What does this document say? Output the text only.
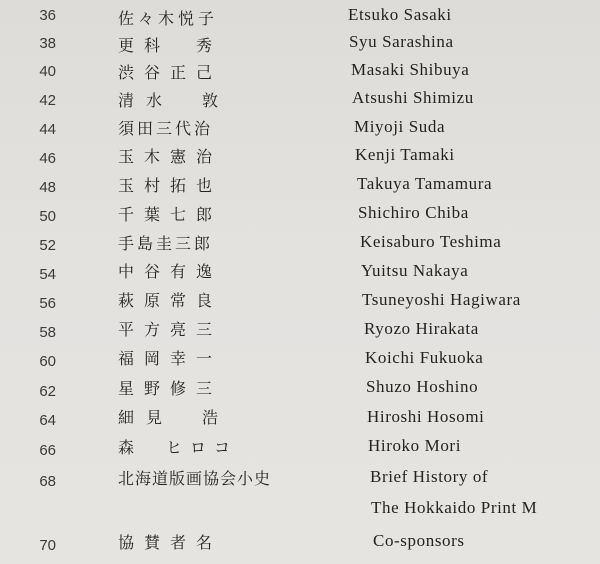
36	佐々木悦子	Etsuko Sasaki
38	更科　秀	Syu Sarashina
40	渋谷正己	Masaki Shibuya
42	清水　敦	Atsushi Shimizu
44	須田三代治	Miyoji Suda
46	玉木憲治	Kenji Tamaki
48	玉村拓也	Takuya Tamamura
50	千葉七郎	Shichiro Chiba
52	手島圭三郎	Keisaburo Teshima
54	中谷有逸	Yuitsu Nakaya
56	萩原常良	Tsuneyoshi Hagiwara
58	平方亮三	Ryozo Hirakata
60	福岡幸一	Koichi Fukuoka
62	星野修三	Shuzo Hoshino
64	細見　浩	Hiroshi Hosomi
66	森　ヒロコ	Hiroko Mori
68	北海道版画協会小史	Brief History of
The Hokkaido Print M
70	協賛者名	Co-sponsors
